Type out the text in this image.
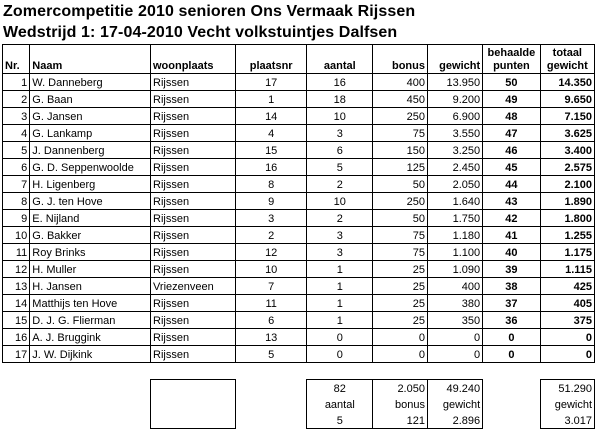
Zomercompetitie 2010 senioren Ons Vermaak Rijssen
Wedstrijd 1: 17-04-2010 Vecht volkstuintjes Dalfsen
Nr.	Naam	woonplaats	plaatsnr	aantal	bonus	gewicht	behaalde punten	totaal gewicht
1	W. Danneberg	Rijssen	17	16	400	13.950	50	14.350
2	G. Baan	Rijssen	1	18	450	9.200	49	9.650
3	G. Jansen	Rijssen	14	10	250	6.900	48	7.150
4	G. Lankamp	Rijssen	4	3	75	3.550	47	3.625
5	J. Dannenberg	Rijssen	15	6	150	3.250	46	3.400
6	G. D. Seppenwoolde	Rijssen	16	5	125	2.450	45	2.575
7	H. Ligenberg	Rijssen	8	2	50	2.050	44	2.100
8	G. J. ten Hove	Rijssen	9	10	250	1.640	43	1.890
9	E. Nijland	Rijssen	3	2	50	1.750	42	1.800
10	G. Bakker	Rijssen	2	3	75	1.180	41	1.255
11	Roy Brinks	Rijssen	12	3	75	1.100	40	1.175
12	H. Muller	Rijssen	10	1	25	1.090	39	1.115
13	H. Jansen	Vriezenveen	7	1	25	400	38	425
14	Matthijs ten Hove	Rijssen	11	1	25	380	37	405
15	D. J. G. Flierman	Rijssen	6	1	25	350	36	375
16	A. J. Bruggink	Rijssen	13	0	0	0	0	0
17	J. W. Dijkink	Rijssen	5	0	0	0	0	0

				82	2.050	49.240		51.290
				aantal	bonus	gewicht		gewicht
				5	121	2.896		3.017
